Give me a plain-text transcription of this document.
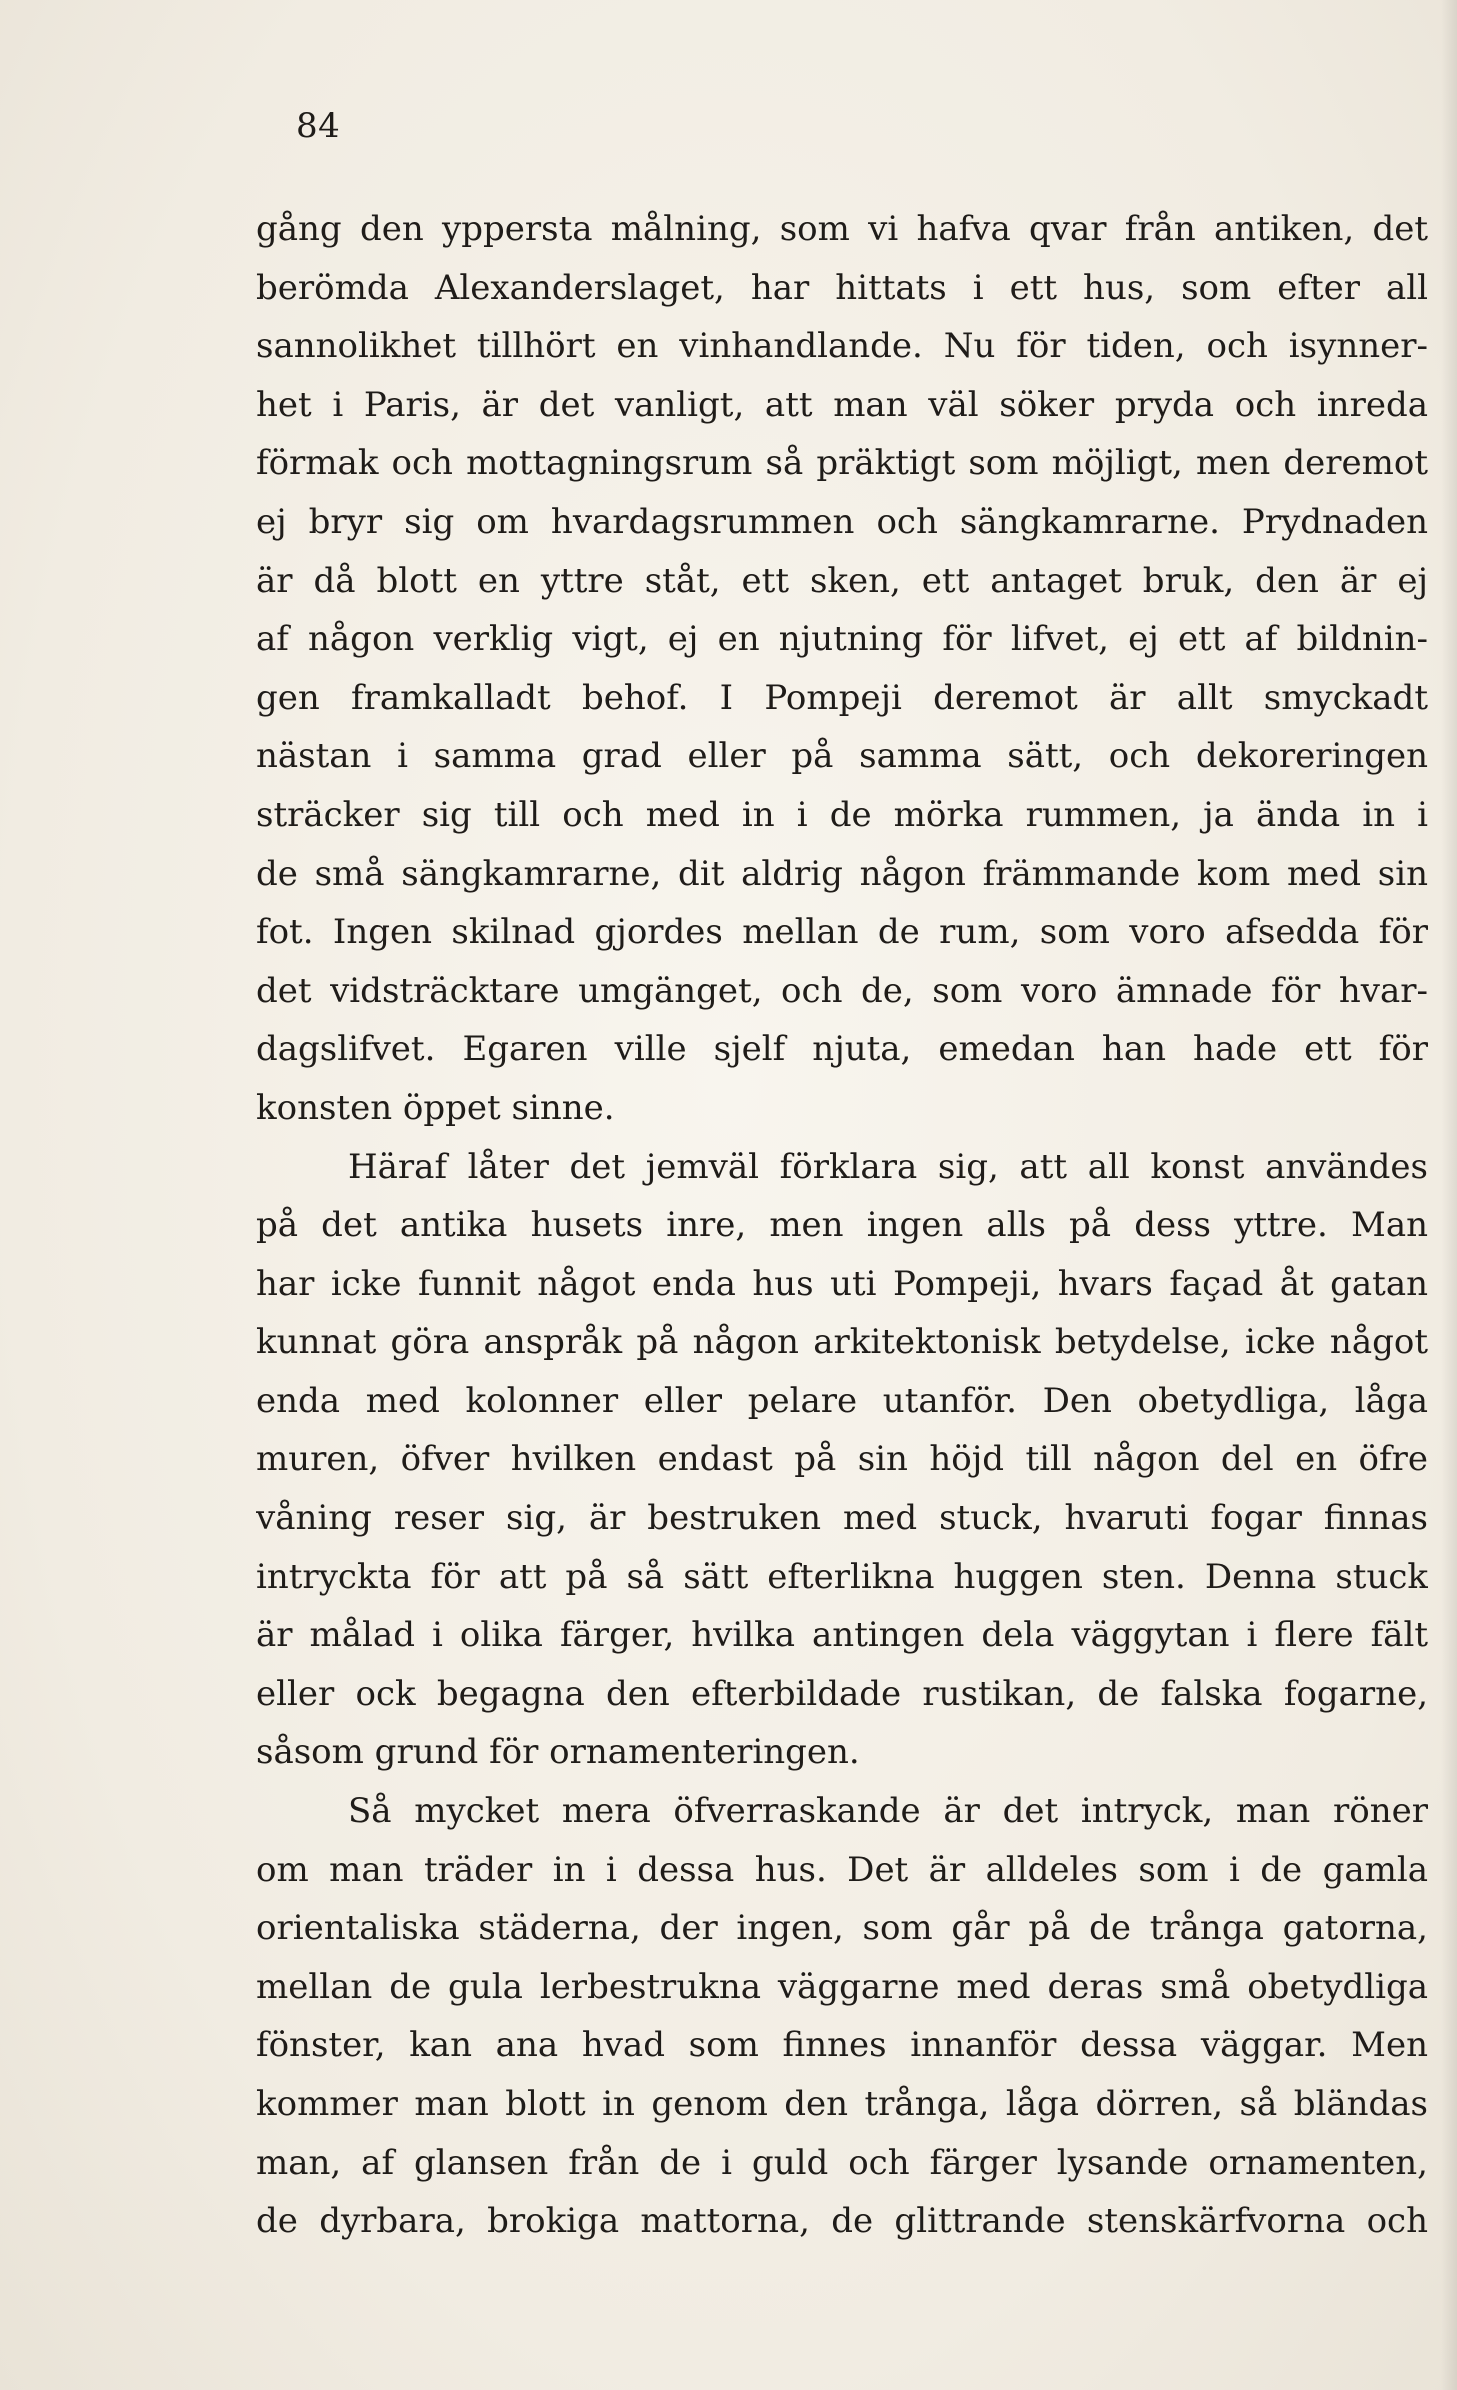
84
gång den yppersta målning, som vi hafva qvar från antiken, det
berömda Alexanderslaget, har hittats i ett hus, som efter all
sannolikhet tillhört en vinhandlande. Nu för tiden, och isynner-
het i Paris, är det vanligt, att man väl söker pryda och inreda
förmak och mottagningsrum så präktigt som möjligt, men deremot
ej bryr sig om hvardagsrummen och sängkamrarne. Prydnaden
är då blott en yttre ståt, ett sken, ett antaget bruk, den är ej
af någon verklig vigt, ej en njutning för lifvet, ej ett af bildnin-
gen framkalladt behof. I Pompeji deremot är allt smyckadt
nästan i samma grad eller på samma sätt, och dekoreringen
sträcker sig till och med in i de mörka rummen, ja ända in i
de små sängkamrarne, dit aldrig någon främmande kom med sin
fot. Ingen skilnad gjordes mellan de rum, som voro afsedda för
det vidsträcktare umgänget, och de, som voro ämnade för hvar-
dagslifvet. Egaren ville sjelf njuta, emedan han hade ett för
konsten öppet sinne.
Häraf låter det jemväl förklara sig, att all konst användes
på det antika husets inre, men ingen alls på dess yttre. Man
har icke funnit något enda hus uti Pompeji, hvars façad åt gatan
kunnat göra anspråk på någon arkitektonisk betydelse, icke något
enda med kolonner eller pelare utanför. Den obetydliga, låga
muren, öfver hvilken endast på sin höjd till någon del en öfre
våning reser sig, är bestruken med stuck, hvaruti fogar finnas
intryckta för att på så sätt efterlikna huggen sten. Denna stuck
är målad i olika färger, hvilka antingen dela väggytan i flere fält
eller ock begagna den efterbildade rustikan, de falska fogarne,
såsom grund för ornamenteringen.
Så mycket mera öfverraskande är det intryck, man röner
om man träder in i dessa hus. Det är alldeles som i de gamla
orientaliska städerna, der ingen, som går på de trånga gatorna,
mellan de gula lerbestrukna väggarne med deras små obetydliga
fönster, kan ana hvad som finnes innanför dessa väggar. Men
kommer man blott in genom den trånga, låga dörren, så bländas
man, af glansen från de i guld och färger lysande ornamenten,
de dyrbara, brokiga mattorna, de glittrande stenskärfvorna och
